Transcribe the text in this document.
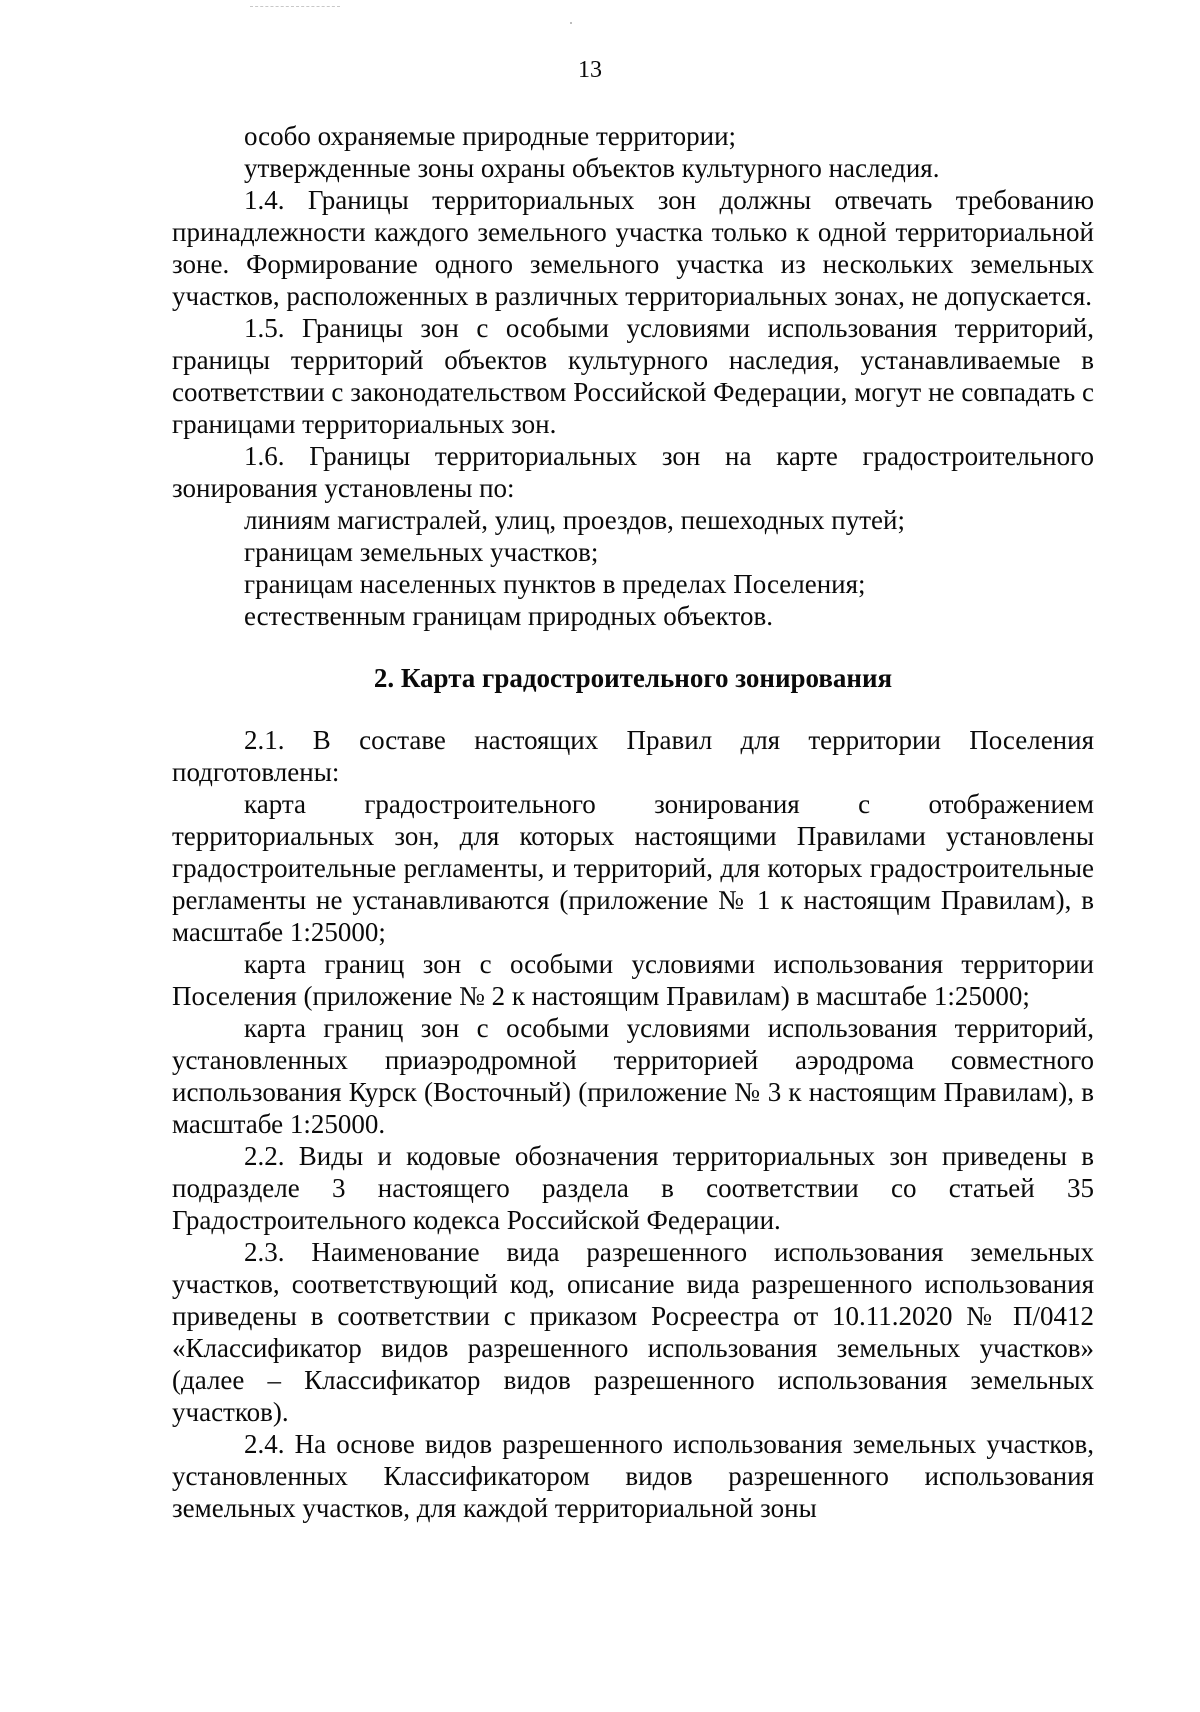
13

особо охраняемые природные территории;

утвержденные зоны охраны объектов культурного наследия.

1.4. Границы территориальных зон должны отвечать требованию принадлежности каждого земельного участка только к одной территориальной зоне. Формирование одного земельного участка из нескольких земельных участков, расположенных в различных территориальных зонах, не допускается.

1.5. Границы зон с особыми условиями использования территорий, границы территорий объектов культурного наследия, устанавливаемые в соответствии с законодательством Российской Федерации, могут не совпадать с границами территориальных зон.

1.6. Границы территориальных зон на карте градостроительного зонирования установлены по:

линиям магистралей, улиц, проездов, пешеходных путей;

границам земельных участков;

границам населенных пунктов в пределах Поселения;

естественным границам природных объектов.

2. Карта градостроительного зонирования

2.1. В составе настоящих Правил для территории Поселения подготовлены:

карта градостроительного зонирования с отображением территориальных зон, для которых настоящими Правилами установлены градостроительные регламенты, и территорий, для которых градостроительные регламенты не устанавливаются (приложение № 1 к настоящим Правилам), в масштабе 1:25000;

карта границ зон с особыми условиями использования территории Поселения (приложение № 2 к настоящим Правилам) в масштабе 1:25000;

карта границ зон с особыми условиями использования территорий, установленных приаэродромной территорией аэродрома совместного использования Курск (Восточный) (приложение № 3 к настоящим Правилам), в масштабе 1:25000.

2.2. Виды и кодовые обозначения территориальных зон приведены в подразделе 3 настоящего раздела в соответствии со статьей 35 Градостроительного кодекса Российской Федерации.

2.3. Наименование вида разрешенного использования земельных участков, соответствующий код, описание вида разрешенного использования приведены в соответствии с приказом Росреестра от 10.11.2020 № П/0412 «Классификатор видов разрешенного использования земельных участков» (далее – Классификатор видов разрешенного использования земельных участков).

2.4. На основе видов разрешенного использования земельных участков, установленных Классификатором видов разрешенного использования земельных участков, для каждой территориальной зоны
